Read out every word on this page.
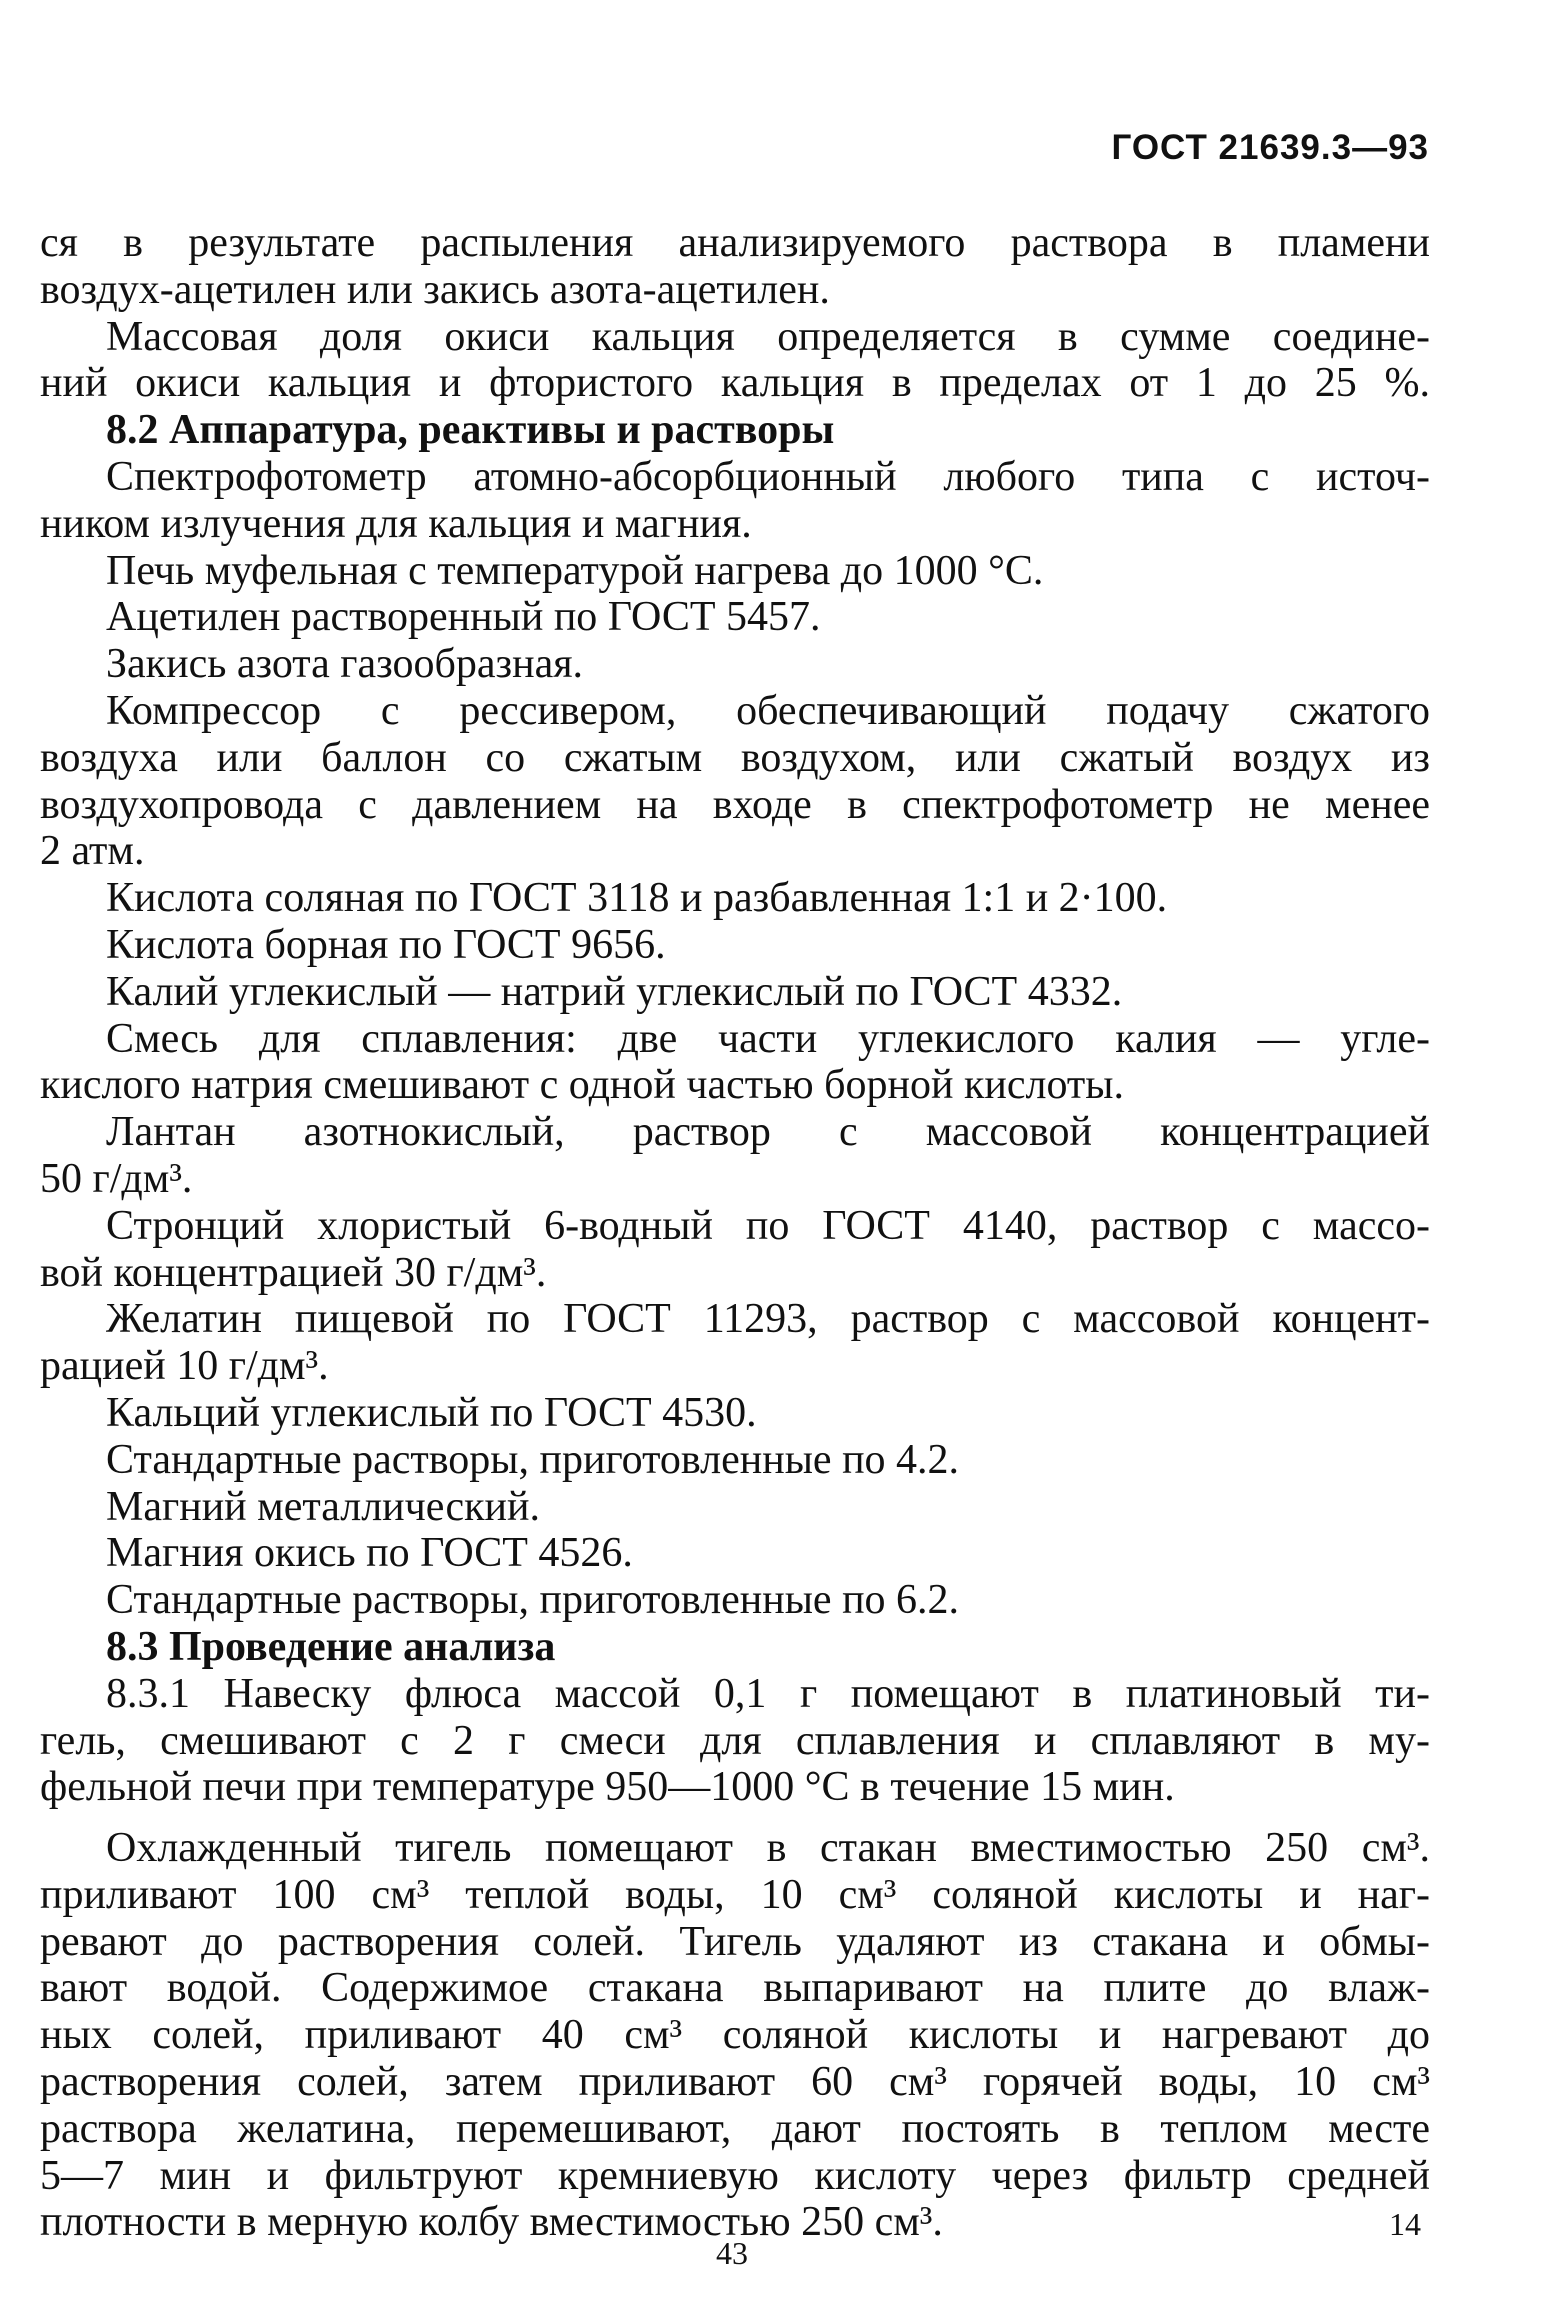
ГОСТ 21639.3—93
ся в результате распыления анализируемого раствора в пламени
воздух-ацетилен или закись азота-ацетилен.
Массовая доля окиси кальция определяется в сумме соедине-
ний окиси кальция и фтористого кальция в пределах от 1 до 25 %.
8.2 Аппаратура, реактивы и растворы
Спектрофотометр атомно-абсорбционный любого типа с источ-
ником излучения для кальция и магния.
Печь муфельная с температурой нагрева до 1000 °С.
Ацетилен растворенный по ГОСТ 5457.
Закись азота газообразная.
Компрессор с рессивером, обеспечивающий подачу сжатого
воздуха или баллон со сжатым воздухом, или сжатый воздух из
воздухопровода с давлением на входе в спектрофотометр не менее
2 атм.
Кислота соляная по ГОСТ 3118 и разбавленная 1:1 и 2·100.
Кислота борная по ГОСТ 9656.
Калий углекислый — натрий углекислый по ГОСТ 4332.
Смесь для сплавления: две части углекислого калия — угле-
кислого натрия смешивают с одной частью борной кислоты.
Лантан азотнокислый, раствор с массовой концентрацией
50 г/дм³.
Стронций хлористый 6-водный по ГОСТ 4140, раствор с массо-
вой концентрацией 30 г/дм³.
Желатин пищевой по ГОСТ 11293, раствор с массовой концент-
рацией 10 г/дм³.
Кальций углекислый по ГОСТ 4530.
Стандартные растворы, приготовленные по 4.2.
Магний металлический.
Магния окись по ГОСТ 4526.
Стандартные растворы, приготовленные по 6.2.
8.3 Проведение анализа
8.3.1 Навеску флюса массой 0,1 г помещают в платиновый ти-
гель, смешивают с 2 г смеси для сплавления и сплавляют в му-
фельной печи при температуре 950—1000 °С в течение 15 мин.
Охлажденный тигель помещают в стакан вместимостью 250 см³.
приливают 100 см³ теплой воды, 10 см³ соляной кислоты и наг-
ревают до растворения солей. Тигель удаляют из стакана и обмы-
вают водой. Содержимое стакана выпаривают на плите до влаж-
ных солей, приливают 40 см³ соляной кислоты и нагревают до
растворения солей, затем приливают 60 см³ горячей воды, 10 см³
раствора желатина, перемешивают, дают постоять в теплом месте
5—7 мин и фильтруют кремниевую кислоту через фильтр средней
плотности в мерную колбу вместимостью 250 см³.
43
14
